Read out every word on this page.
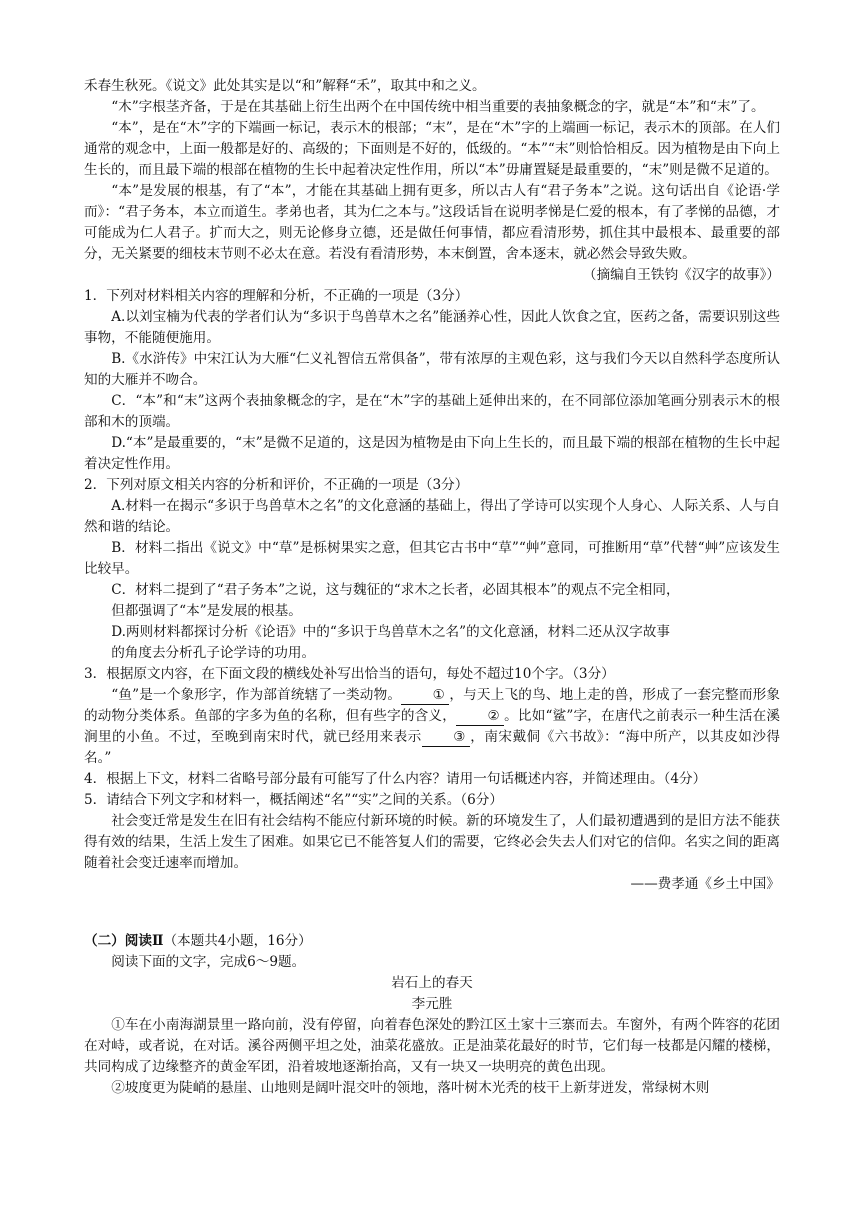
禾春生秋死。《说文》此处其实是以“和”解释“禾”，取其中和之义。

“木”字根茎齐备，于是在其基础上衍生出两个在中国传统中相当重要的表抽象概念的字，就是“本”和“末”了。

“本”，是在“木”字的下端画一标记，表示木的根部；“末”，是在“木”字的上端画一标记，表示木的顶部。在人们通常的观念中，上面一般都是好的、高级的；下面则是不好的，低级的。“本”“末”则恰恰相反。因为植物是由下向上生长的，而且最下端的根部在植物的生长中起着决定性作用，所以“本”毋庸置疑是最重要的，“末”则是微不足道的。

“本”是发展的根基，有了“本”，才能在其基础上拥有更多，所以古人有“君子务本”之说。这句话出自《论语·学而》：“君子务本，本立而道生。孝弟也者，其为仁之本与。”这段话旨在说明孝悌是仁爱的根本，有了孝悌的品德，才可能成为仁人君子。扩而大之，则无论修身立德，还是做任何事情，都应看清形势，抓住其中最根本、最重要的部分，无关紧要的细枝末节则不必太在意。若没有看清形势，本末倒置，舍本逐末，就必然会导致失败。

（摘编自王铁钧《汉字的故事》）

1．下列对材料相关内容的理解和分析，不正确的一项是（3分）

A.以刘宝楠为代表的学者们认为“多识于鸟兽草木之名”能涵养心性，因此人饮食之宜，医药之备，需要识别这些事物，不能随便施用。

B.《水浒传》中宋江认为大雁“仁义礼智信五常俱备”，带有浓厚的主观色彩，这与我们今天以自然科学态度所认知的大雁并不吻合。

C．“本”和“末”这两个表抽象概念的字，是在“木”字的基础上延伸出来的，在不同部位添加笔画分别表示木的根部和木的顶端。

D.“本”是最重要的，“末”是微不足道的，这是因为植物是由下向上生长的，而且最下端的根部在植物的生长中起着决定性作用。

2．下列对原文相关内容的分析和评价，不正确的一项是（3分）

A.材料一在揭示“多识于鸟兽草木之名”的文化意涵的基础上，得出了学诗可以实现个人身心、人际关系、人与自然和谐的结论。

B．材料二指出《说文》中“草”是栎树果实之意，但其它古书中“草”“艸”意同，可推断用“草”代替“艸”应该发生比较早。

C．材料二提到了“君子务本”之说，这与魏征的“求木之长者，必固其根本”的观点不完全相同，

但都强调了“本”是发展的根基。

D.两则材料都探讨分析《论语》中的“多识于鸟兽草木之名”的文化意涵，材料二还从汉字故事

的角度去分析孔子论学诗的功用。

3．根据原文内容，在下面文段的横线处补写出恰当的语句，每处不超过10个字。（3分）

“鱼”是一个象形字，作为部首统辖了一类动物。 ① ，与天上飞的鸟、地上走的兽，形成了一套完整而形象的动物分类体系。鱼部的字多为鱼的名称，但有些字的含义， ② 。比如“鲨”字，在唐代之前表示一种生活在溪涧里的小鱼。不过，至晚到南宋时代，就已经用来表示 ③ ，南宋戴侗《六书故》：“海中所产，以其皮如沙得名。”

4．根据上下文，材料二省略号部分最有可能写了什么内容？请用一句话概述内容，并简述理由。（4分）

5．请结合下列文字和材料一，概括阐述“名”“实”之间的关系。（6分）

社会变迁常是发生在旧有社会结构不能应付新环境的时候。新的环境发生了，人们最初遭遇到的是旧方法不能获得有效的结果，生活上发生了困难。如果它已不能答复人们的需要，它终必会失去人们对它的信仰。名实之间的距离随着社会变迁速率而增加。

——费孝通《乡土中国》

（二）阅读Ⅱ（本题共4小题，16分）

阅读下面的文字，完成6～9题。

岩石上的春天

李元胜

①车在小南海湖景里一路向前，没有停留，向着春色深处的黔江区土家十三寨而去。车窗外，有两个阵容的花团在对峙，或者说，在对话。溪谷两侧平坦之处，油菜花盛放。正是油菜花最好的时节，它们每一枝都是闪耀的楼梯，共同构成了边缘整齐的黄金军团，沿着坡地逐渐抬高，又有一块又一块明亮的黄色出现。

②坡度更为陡峭的悬崖、山地则是阔叶混交叶的领地，落叶树木光秃的枝干上新芽迸发，常绿树木则
